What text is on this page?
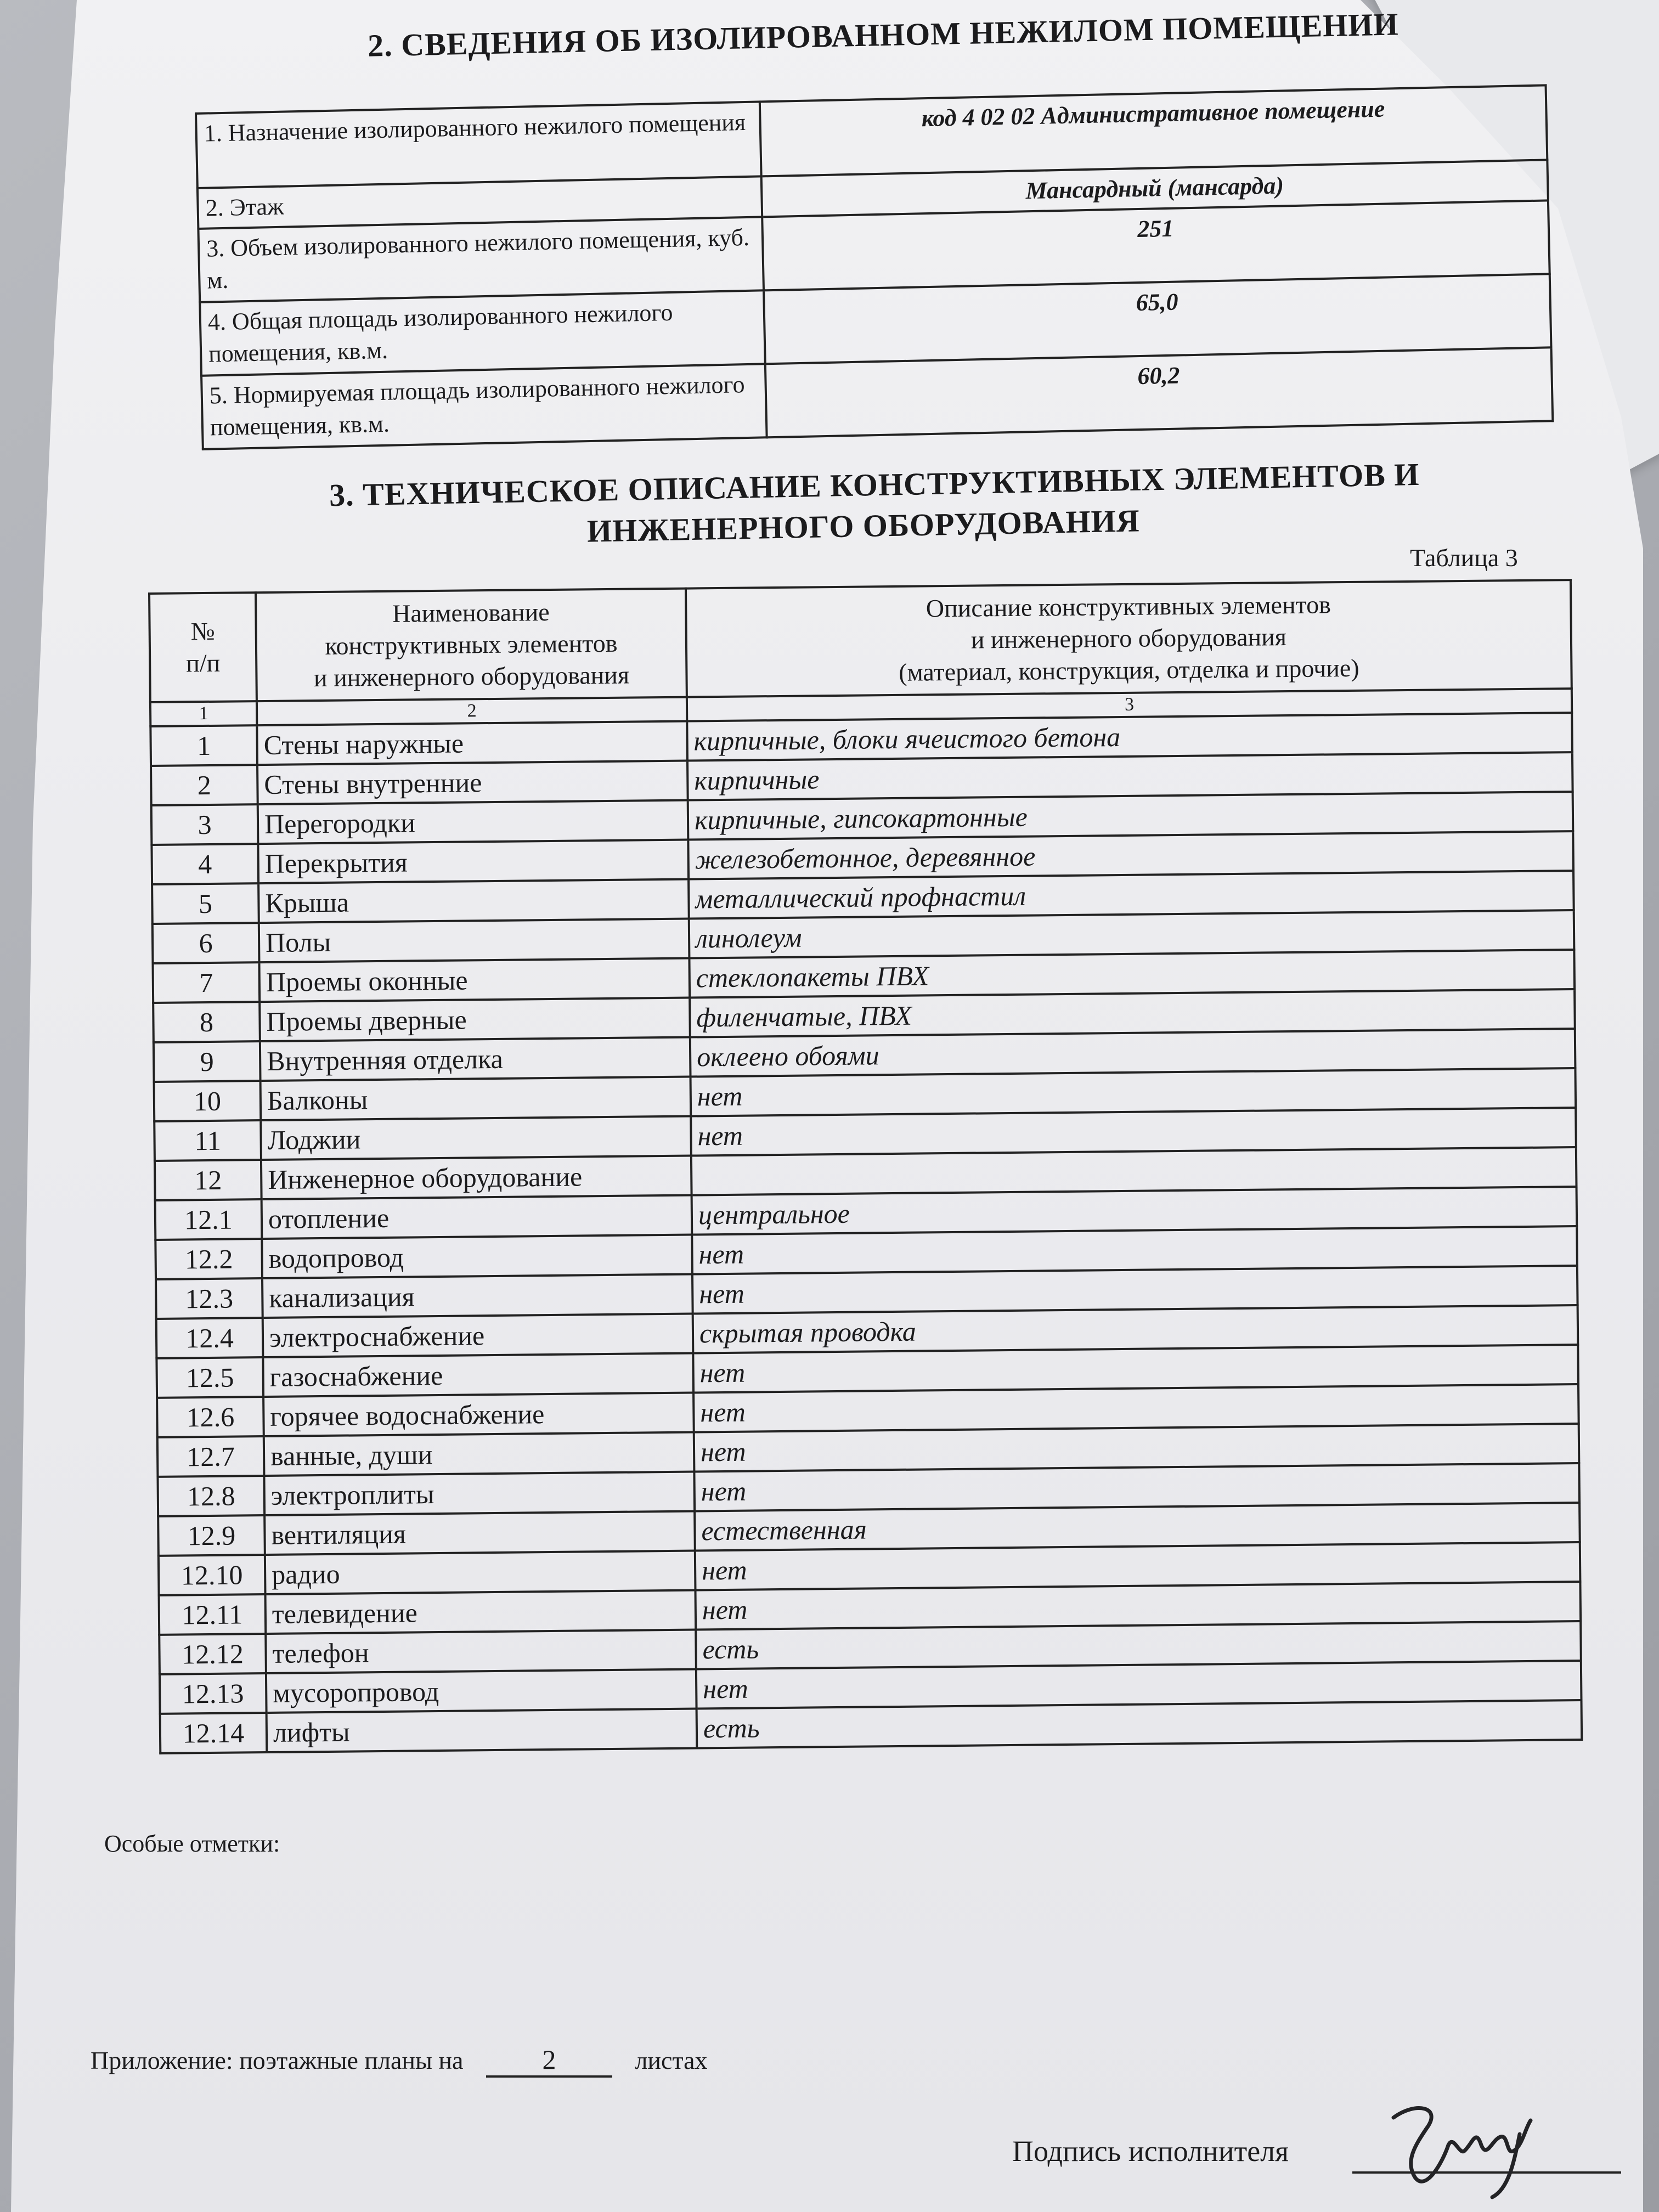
2. СВЕДЕНИЯ ОБ ИЗОЛИРОВАННОМ НЕЖИЛОМ ПОМЕЩЕНИИ
1. Назначение изолированного нежилого помещения	код 4 02 02 Административное помещение
2. Этаж	Мансардный (мансарда)
3. Объем изолированного нежилого помещения, куб. м.	251
4. Общая площадь изолированного нежилого помещения, кв.м.	65,0
5. Нормируемая площадь изолированного нежилого помещения, кв.м.	60,2
3. ТЕХНИЧЕСКОЕ ОПИСАНИЕ КОНСТРУКТИВНЫХ ЭЛЕМЕНТОВ И
ИНЖЕНЕРНОГО ОБОРУДОВАНИЯ
Таблица 3
№
п/п	Наименование
конструктивных элементов
и инженерного оборудования	Описание конструктивных элементов
и инженерного оборудования
(материал, конструкция, отделка и прочие)
1	2	3
1	Стены наружные	кирпичные, блоки ячеистого бетона
2	Стены внутренние	кирпичные
3	Перегородки	кирпичные, гипсокартонные
4	Перекрытия	железобетонное, деревянное
5	Крыша	металлический профнастил
6	Полы	линолеум
7	Проемы оконные	стеклопакеты ПВХ
8	Проемы дверные	филенчатые, ПВХ
9	Внутренняя отделка	оклеено обоями
10	Балконы	нет
11	Лоджии	нет
12	Инженерное оборудование	
12.1	отопление	центральное
12.2	водопровод	нет
12.3	канализация	нет
12.4	электроснабжение	скрытая проводка
12.5	газоснабжение	нет
12.6	горячее водоснабжение	нет
12.7	ванные, души	нет
12.8	электроплиты	нет
12.9	вентиляция	естественная
12.10	радио	нет
12.11	телевидение	нет
12.12	телефон	есть
12.13	мусоропровод	нет
12.14	лифты	есть
Особые отметки:
Приложение: поэтажные планы на	2	листах
Подпись исполнителя
